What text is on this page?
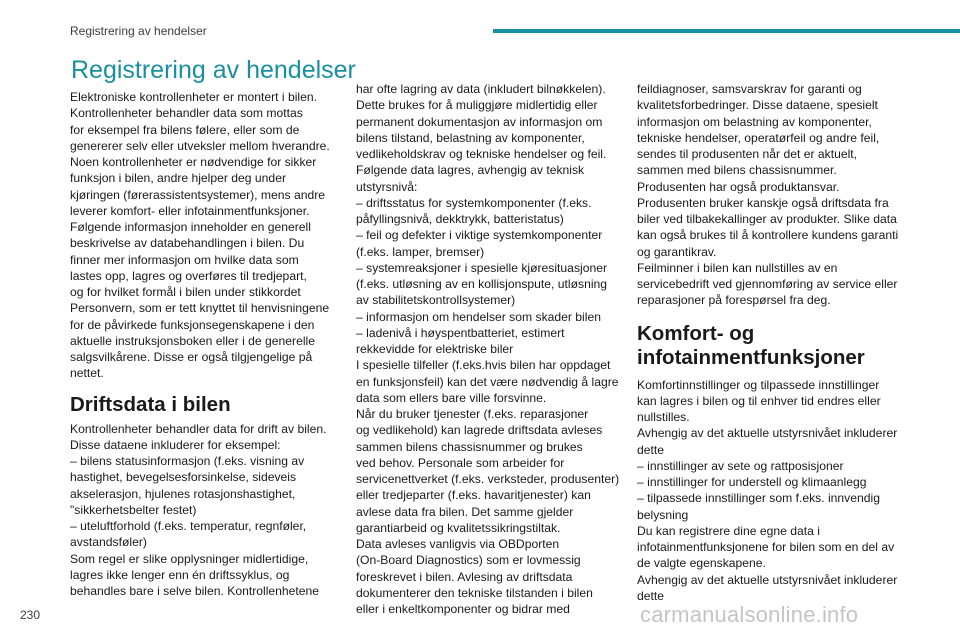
Registrering av hendelser
Registrering av hendelser
Elektroniske kontrollenheter er montert i bilen.
Kontrollenheter behandler data som mottas
for eksempel fra bilens følere, eller som de
genererer selv eller utveksler mellom hverandre.
Noen kontrollenheter er nødvendige for sikker
funksjon i bilen, andre hjelper deg under
kjøringen (førerassistentsystemer), mens andre
leverer komfort- eller infotainmentfunksjoner.
Følgende informasjon inneholder en generell
beskrivelse av databehandlingen i bilen. Du
finner mer informasjon om hvilke data som
lastes opp, lagres og overføres til tredjepart,
og for hvilket formål i bilen under stikkordet
Personvern, som er tett knyttet til henvisningene
for de påvirkede funksjonsegenskapene i den
aktuelle instruksjonsboken eller i de generelle
salgsvilkårene. Disse er også tilgjengelige på
nettet.
Driftsdata i bilen
Kontrollenheter behandler data for drift av bilen.
Disse dataene inkluderer for eksempel:
– bilens statusinformasjon (f.eks. visning av
hastighet, bevegelsesforsinkelse, sideveis
akselerasjon, hjulenes rotasjonshastighet,
"sikkerhetsbelter festet)
– uteluftforhold (f.eks. temperatur, regnføler,
avstandsføler)
Som regel er slike opplysninger midlertidige,
lagres ikke lenger enn én driftssyklus, og
behandles bare i selve bilen. Kontrollenhetene
har ofte lagring av data (inkludert bilnøkkelen).
Dette brukes for å muliggjøre midlertidig eller
permanent dokumentasjon av informasjon om
bilens tilstand, belastning av komponenter,
vedlikeholdskrav og tekniske hendelser og feil.
Følgende data lagres, avhengig av teknisk
utstyrsnivå:
– driftsstatus for systemkomponenter (f.eks.
påfyllingsnivå, dekktrykk, batteristatus)
– feil og defekter i viktige systemkomponenter
(f.eks. lamper, bremser)
– systemreaksjoner i spesielle kjøresituasjoner
(f.eks. utløsning av en kollisjonspute, utløsning
av stabilitetskontrollsystemer)
– informasjon om hendelser som skader bilen
– ladenivå i høyspentbatteriet, estimert
rekkevidde for elektriske biler
I spesielle tilfeller (f.eks.hvis bilen har oppdaget
en funksjonsfeil) kan det være nødvendig å lagre
data som ellers bare ville forsvinne.
Når du bruker tjenester (f.eks. reparasjoner
og vedlikehold) kan lagrede driftsdata avleses
sammen bilens chassisnummer og brukes
ved behov. Personale som arbeider for
servicenettverket (f.eks. verksteder, produsenter)
eller tredjeparter (f.eks. havaritjenester) kan
avlese data fra bilen. Det samme gjelder
garantiarbeid og kvalitetssikringstiltak.
Data avleses vanligvis via OBDporten
(On-Board Diagnostics) som er lovmessig
foreskrevet i bilen. Avlesing av driftsdata
dokumenterer den tekniske tilstanden i bilen
eller i enkeltkomponenter og bidrar med
feildiagnoser, samsvarskrav for garanti og
kvalitetsforbedringer. Disse dataene, spesielt
informasjon om belastning av komponenter,
tekniske hendelser, operatørfeil og andre feil,
sendes til produsenten når det er aktuelt,
sammen med bilens chassisnummer.
Produsenten har også produktansvar.
Produsenten bruker kanskje også driftsdata fra
biler ved tilbakekallinger av produkter. Slike data
kan også brukes til å kontrollere kundens garanti
og garantikrav.
Feilminner i bilen kan nullstilles av en
servicebedrift ved gjennomføring av service eller
reparasjoner på forespørsel fra deg.
Komfort- og
infotainmentfunksjoner
Komfortinnstillinger og tilpassede innstillinger
kan lagres i bilen og til enhver tid endres eller
nullstilles.
Avhengig av det aktuelle utstyrsnivået inkluderer
dette
– innstillinger av sete og rattposisjoner
– innstillinger for understell og klimaanlegg
– tilpassede innstillinger som f.eks. innvendig
belysning
Du kan registrere dine egne data i
infotainmentfunksjonene for bilen som en del av
de valgte egenskapene.
Avhengig av det aktuelle utstyrsnivået inkluderer
dette
230	carmanualsonline.info
